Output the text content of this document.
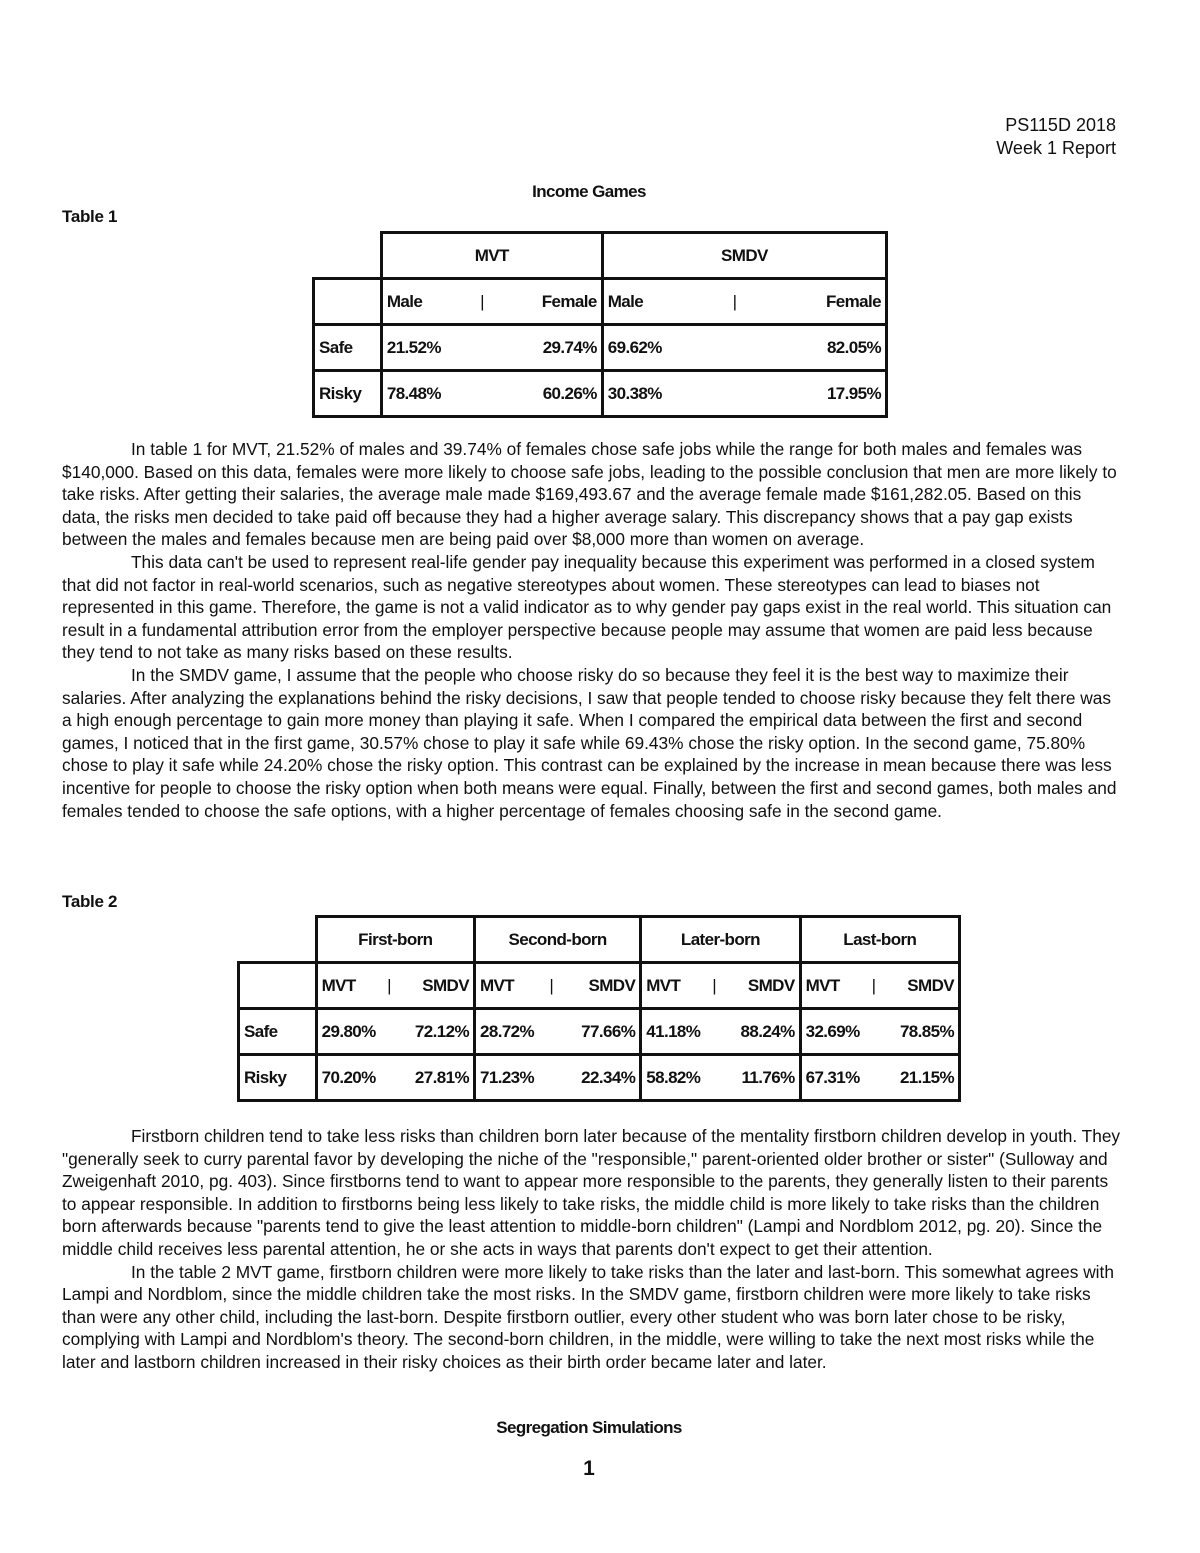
PS115D 2018
Week 1 Report
Income Games
Table 1
	MVT	SMDV

	Male | Female	Male | Female

Safe	21.52% 29.74%	69.62% 82.05%

Risky	78.48% 60.26%	30.38% 17.95%

In table 1 for MVT, 21.52% of males and 39.74% of females chose safe jobs while the range for both males and females was $140,000. Based on this data, females were more likely to choose safe jobs, leading to the possible conclusion that men are more likely to take risks. After getting their salaries, the average male made $169,493.67 and the average female made $161,282.05. Based on this data, the risks men decided to take paid off because they had a higher average salary. This discrepancy shows that a pay gap exists between the males and females because men are being paid over $8,000 more than women on average.

This data can't be used to represent real-life gender pay inequality because this experiment was performed in a closed system that did not factor in real-world scenarios, such as negative stereotypes about women. These stereotypes can lead to biases not represented in this game. Therefore, the game is not a valid indicator as to why gender pay gaps exist in the real world. This situation can result in a fundamental attribution error from the employer perspective because people may assume that women are paid less because they tend to not take as many risks based on these results.

In the SMDV game, I assume that the people who choose risky do so because they feel it is the best way to maximize their salaries. After analyzing the explanations behind the risky decisions, I saw that people tended to choose risky because they felt there was a high enough percentage to gain more money than playing it safe. When I compared the empirical data between the first and second games, I noticed that in the first game, 30.57% chose to play it safe while 69.43% chose the risky option. In the second game, 75.80% chose to play it safe while 24.20% chose the risky option. This contrast can be explained by the increase in mean because there was less incentive for people to choose the risky option when both means were equal. Finally, between the first and second games, both males and females tended to choose the safe options, with a higher percentage of females choosing safe in the second game.

Table 2
	First-born	Second-born	Later-born	Last-born

	MVT | SMDV	MVT | SMDV	MVT | SMDV	MVT | SMDV

Safe	29.80% 72.12%	28.72% 77.66%	41.18% 88.24%	32.69% 78.85%

Risky	70.20% 27.81%	71.23% 22.34%	58.82% 11.76%	67.31% 21.15%

Firstborn children tend to take less risks than children born later because of the mentality firstborn children develop in youth. They "generally seek to curry parental favor by developing the niche of the "responsible," parent-oriented older brother or sister" (Sulloway and Zweigenhaft 2010, pg. 403). Since firstborns tend to want to appear more responsible to the parents, they generally listen to their parents to appear responsible. In addition to firstborns being less likely to take risks, the middle child is more likely to take risks than the children born afterwards because "parents tend to give the least attention to middle-born children" (Lampi and Nordblom 2012, pg. 20). Since the middle child receives less parental attention, he or she acts in ways that parents don't expect to get their attention.

In the table 2 MVT game, firstborn children were more likely to take risks than the later and last-born. This somewhat agrees with Lampi and Nordblom, since the middle children take the most risks. In the SMDV game, firstborn children were more likely to take risks than were any other child, including the last-born. Despite firstborn outlier, every other student who was born later chose to be risky, complying with Lampi and Nordblom's theory. The second-born children, in the middle, were willing to take the next most risks while the later and lastborn children increased in their risky choices as their birth order became later and later.

Segregation Simulations
1
